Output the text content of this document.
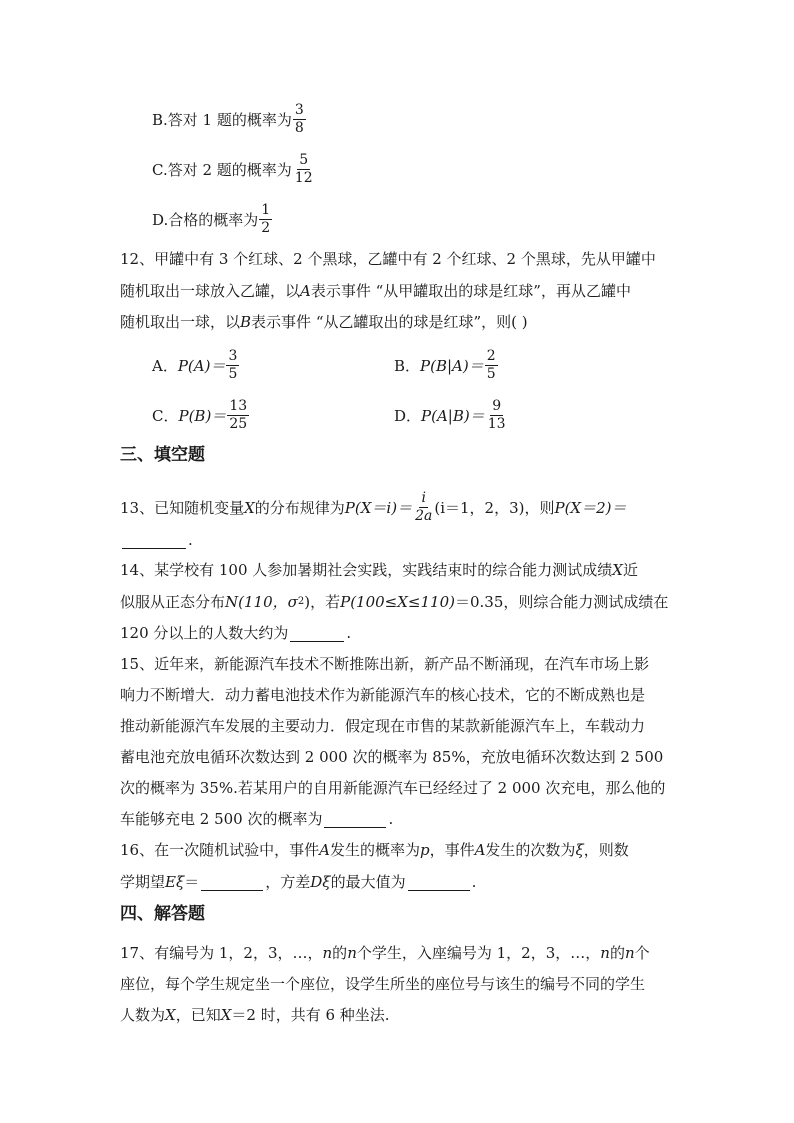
B.答对 1 题的概率为 $\frac{3}{8}$
C.答对 2 题的概率为 $\frac{5}{12}$
D.合格的概率为 $\frac{1}{2}$
12、甲罐中有 3 个红球、2 个黑球，乙罐中有 2 个红球、2 个黑球，先从甲罐中
随机取出一球放入乙罐，以 A 表示事件 “从甲罐取出的球是红球”，再从乙罐中
随机取出一球，以 B 表示事件 “从乙罐取出的球是红球”，则( )
A． $P(A)= \frac{3}{5}$	B． $P(B|A)= \frac{2}{5}$
C． $P(B)= \frac{13}{25}$	D． $P(A|B)= \frac{9}{13}$
三、填空题
13、已知随机变量 X 的分布规律为 $P(X=i)= \frac{i}{2a} (i=1$，2，3)，则 P(X＝2)＝
.
14、某学校有 100 人参加暑期社会实践，实践结束时的综合能力测试成绩 X 近
似服从正态分布 N(110，σ 2 )，若 P(100≤X≤110) ＝0.35，则综合能力测试成绩在
120 分以上的人数大约为	.
15、近年来，新能源汽车技术不断推陈出新，新产品不断涌现，在汽车市场上影
响力不断增大．动力蓄电池技术作为新能源汽车的核心技术，它的不断成熟也是
推动新能源汽车发展的主要动力．假定现在市售的某款新能源汽车上，车载动力
蓄电池充放电循环次数达到 2 000 次的概率为 85%，充放电循环次数达到 2 500
次的概率为 35%.若某用户的自用新能源汽车已经经过了 2 000 次充电，那么他的
车能够充电 2 500 次的概率为	.
16、在一次随机试验中，事件 A 发生的概率为 p ，事件 A 发生的次数为 ξ ，则数
学期望 Eξ ＝	，方差 Dξ 的最大值为	.
四、解答题
17、有编号为 1，2，3，…， n 的 n 个学生，入座编号为 1，2，3，…， n 的 n 个
座位，每个学生规定坐一个座位，设学生所坐的座位号与该生的编号不同的学生
人数为 X ，已知 X ＝2 时，共有 6 种坐法.
